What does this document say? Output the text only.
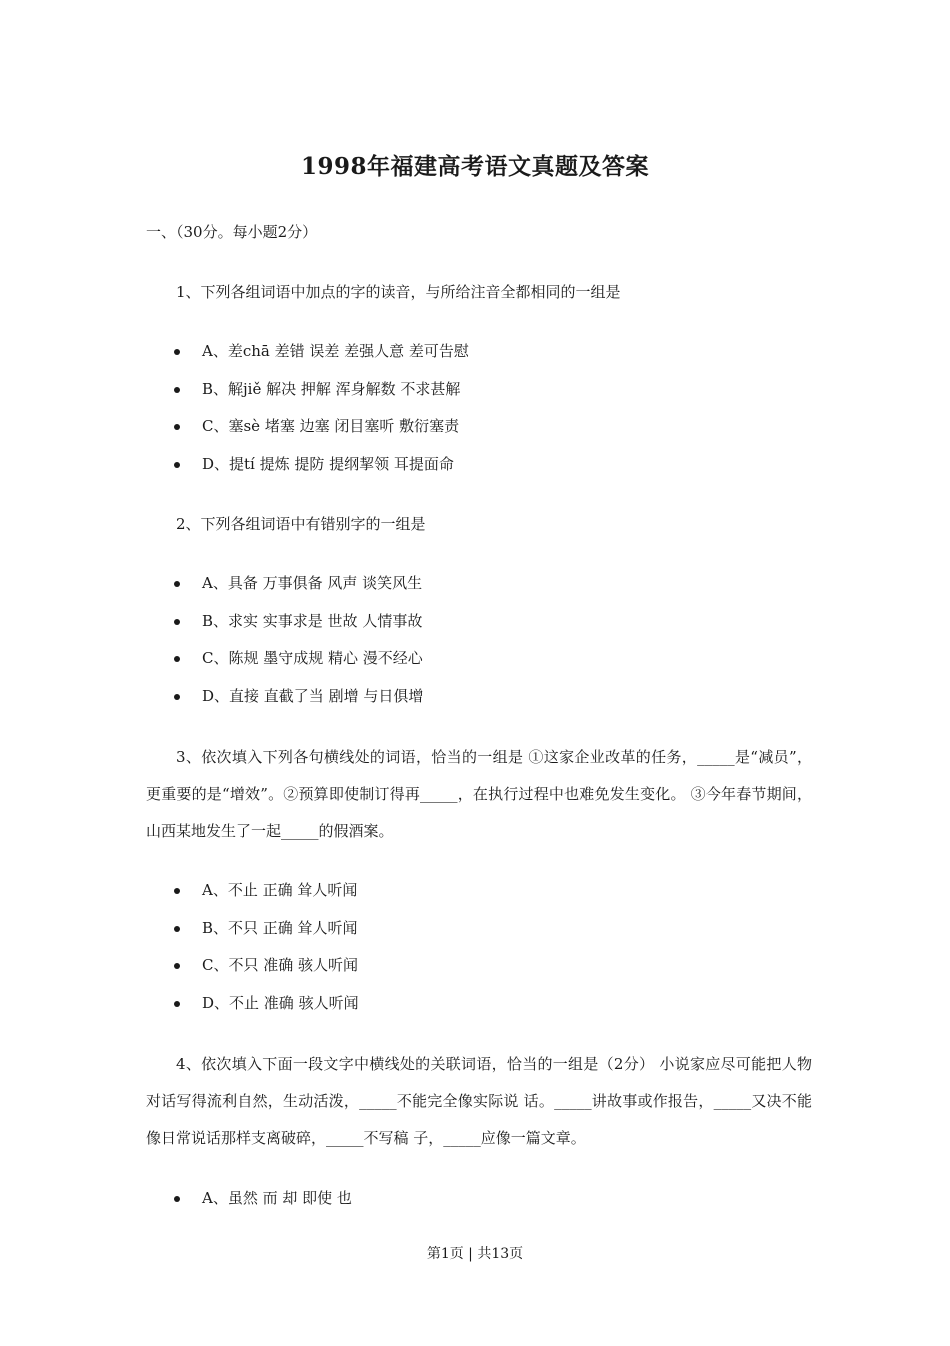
1998年福建高考语文真题及答案

一、（30分。每小题2分）

1、下列各组词语中加点的字的读音，与所给注音全都相同的一组是

A、差chā 差错 误差 差强人意 差可告慰
B、解jiě 解决 押解 浑身解数 不求甚解
C、塞sè 堵塞 边塞 闭目塞听 敷衍塞责
D、提tí 提炼 提防 提纲挈领 耳提面命

2、下列各组词语中有错别字的一组是

A、具备 万事俱备 风声 谈笑风生
B、求实 实事求是 世故 人情事故
C、陈规 墨守成规 精心 漫不经心
D、直接 直截了当 剧增 与日俱增

3、依次填入下列各句横线处的词语，恰当的一组是 ①这家企业改革的任务，_____是“减员”，更重要的是“增效”。②预算即使制订得再_____，在执行过程中也难免发生变化。 ③今年春节期间，山西某地发生了一起_____的假酒案。

A、不止 正确 耸人听闻
B、不只 正确 耸人听闻
C、不只 准确 骇人听闻
D、不止 准确 骇人听闻

4、依次填入下面一段文字中横线处的关联词语，恰当的一组是（2分） 小说家应尽可能把人物对话写得流利自然，生动活泼，_____不能完全像实际说 话。_____讲故事或作报告，_____又决不能像日常说话那样支离破碎，_____不写稿 子，_____应像一篇文章。

A、虽然 而 却 即使 也

第1页 | 共13页
